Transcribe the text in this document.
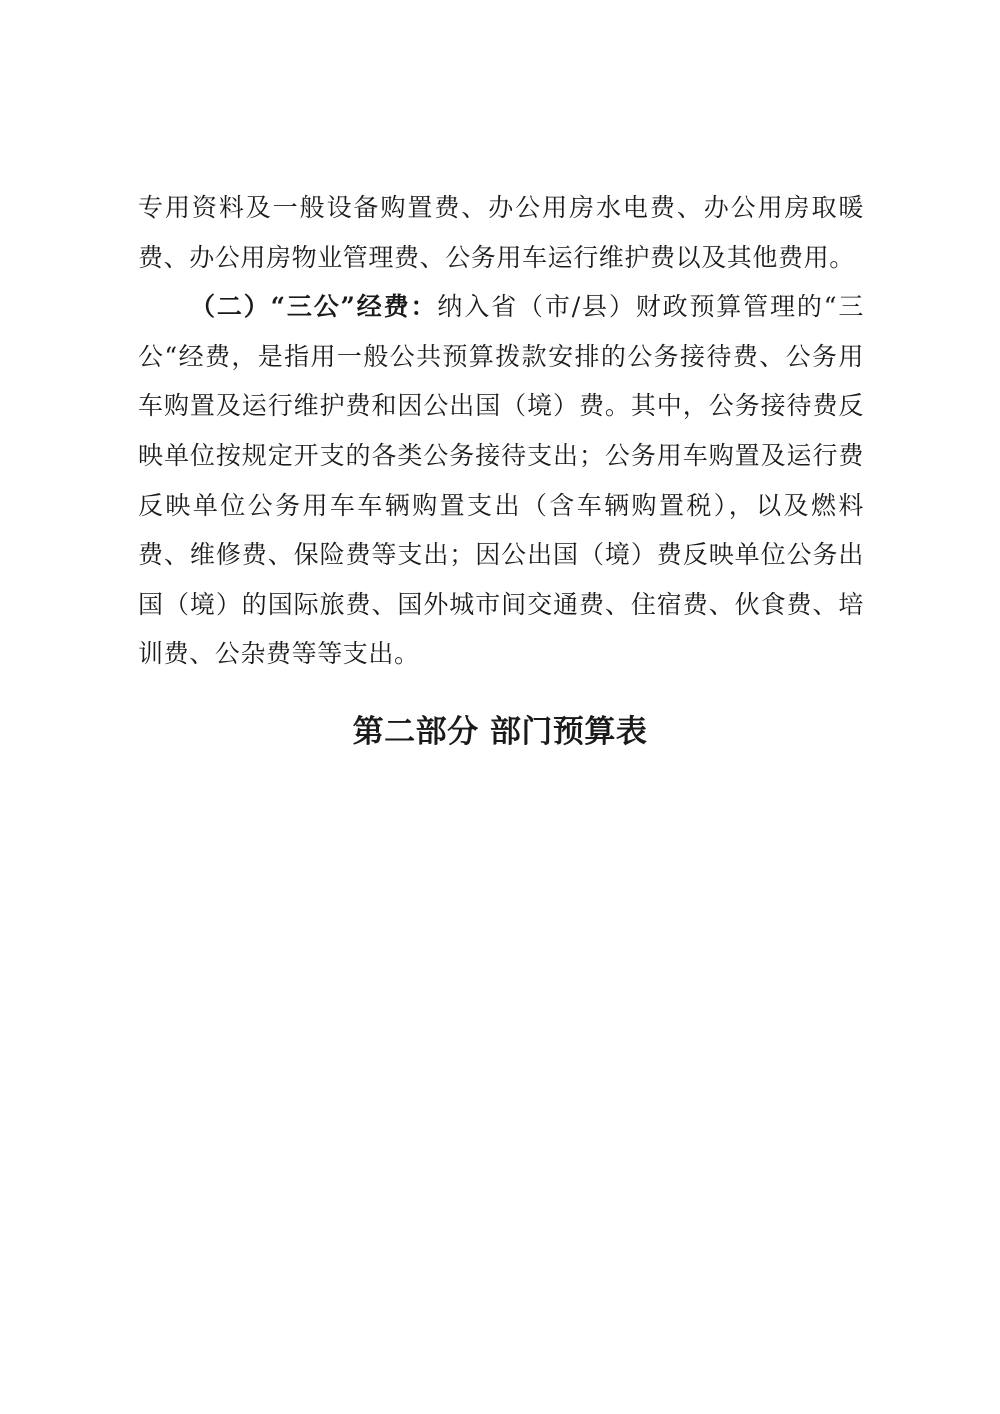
专用资料及一般设备购置费、办公用房水电费、办公用房取暖费、办公用房物业管理费、公务用车运行维护费以及其他费用。

（二）“三公”经费：纳入省（市/县）财政预算管理的“三公“经费，是指用一般公共预算拨款安排的公务接待费、公务用车购置及运行维护费和因公出国（境）费。其中，公务接待费反映单位按规定开支的各类公务接待支出；公务用车购置及运行费反映单位公务用车车辆购置支出（含车辆购置税），以及燃料费、维修费、保险费等支出；因公出国（境）费反映单位公务出国（境）的国际旅费、国外城市间交通费、住宿费、伙食费、培训费、公杂费等等支出。

第二部分 部门预算表
